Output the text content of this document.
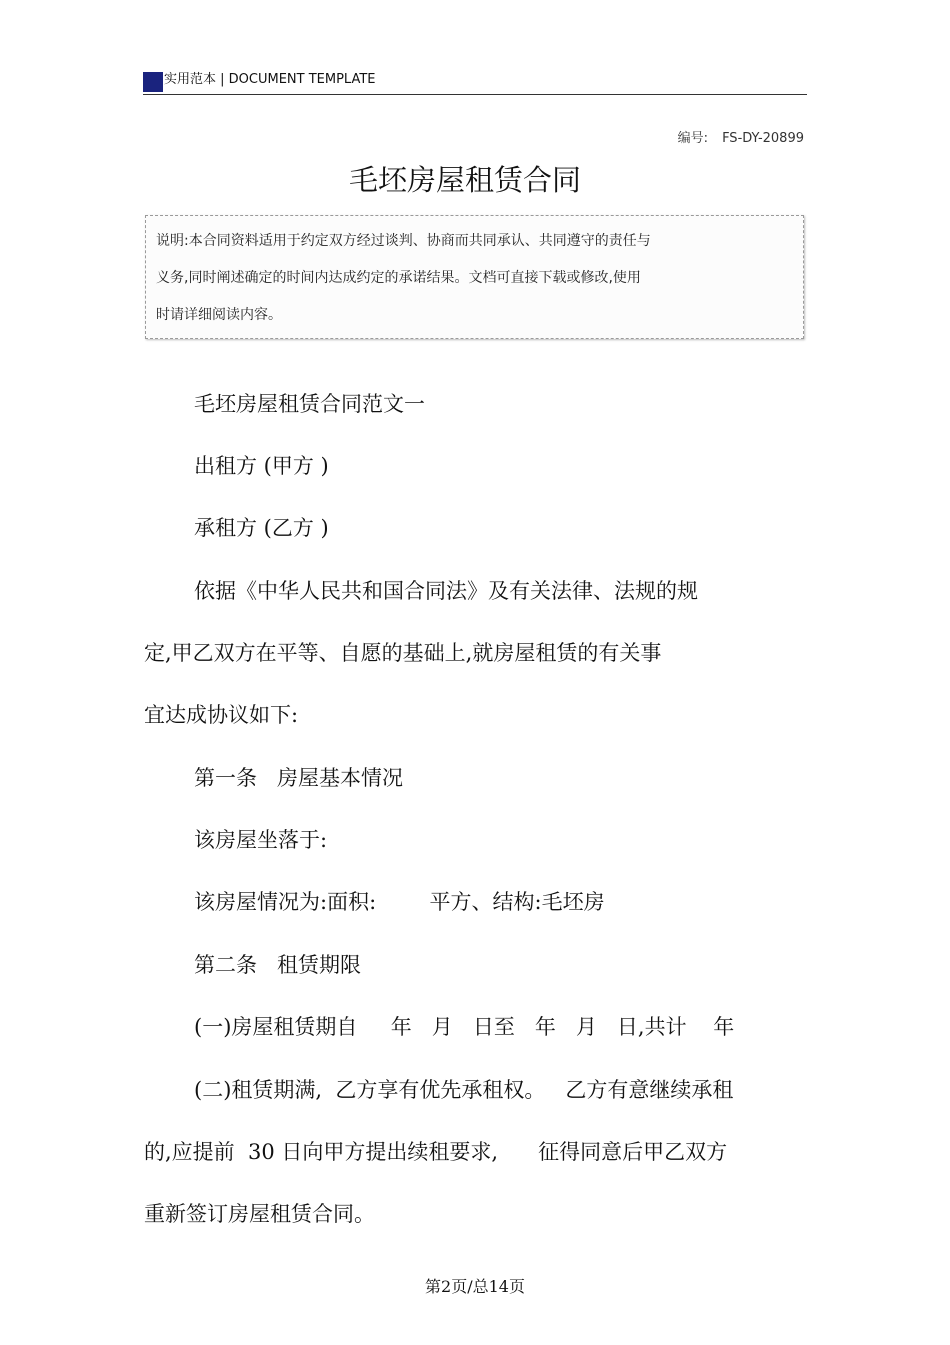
实用范本 | DOCUMENT TEMPLATE
编号: FS-DY-20899
毛坯房屋租赁合同
说明:本合同资料适用于约定双方经过谈判、协商而共同承认、共同遵守的责任与
义务,同时阐述确定的时间内达成约定的承诺结果。文档可直接下载或修改,使用
时请详细阅读内容。
毛坯房屋租赁合同范文一
出租方 (甲方 )
承租方 (乙方 )
依据《中华人民共和国合同法》及有关法律、法规的规
定,甲乙双方在平等、自愿的基础上,就房屋租赁的有关事
宜达成协议如下:
第一条   房屋基本情况
该房屋坐落于:
该房屋情况为:面积:        平方、结构:毛坯房
第二条   租赁期限
(一)房屋租赁期自     年   月   日至   年   月   日,共计    年
(二)租赁期满,  乙方享有优先承租权。   乙方有意继续承租
的,应提前  30 日向甲方提出续租要求,      征得同意后甲乙双方
重新签订房屋租赁合同。
第2页/总14页
